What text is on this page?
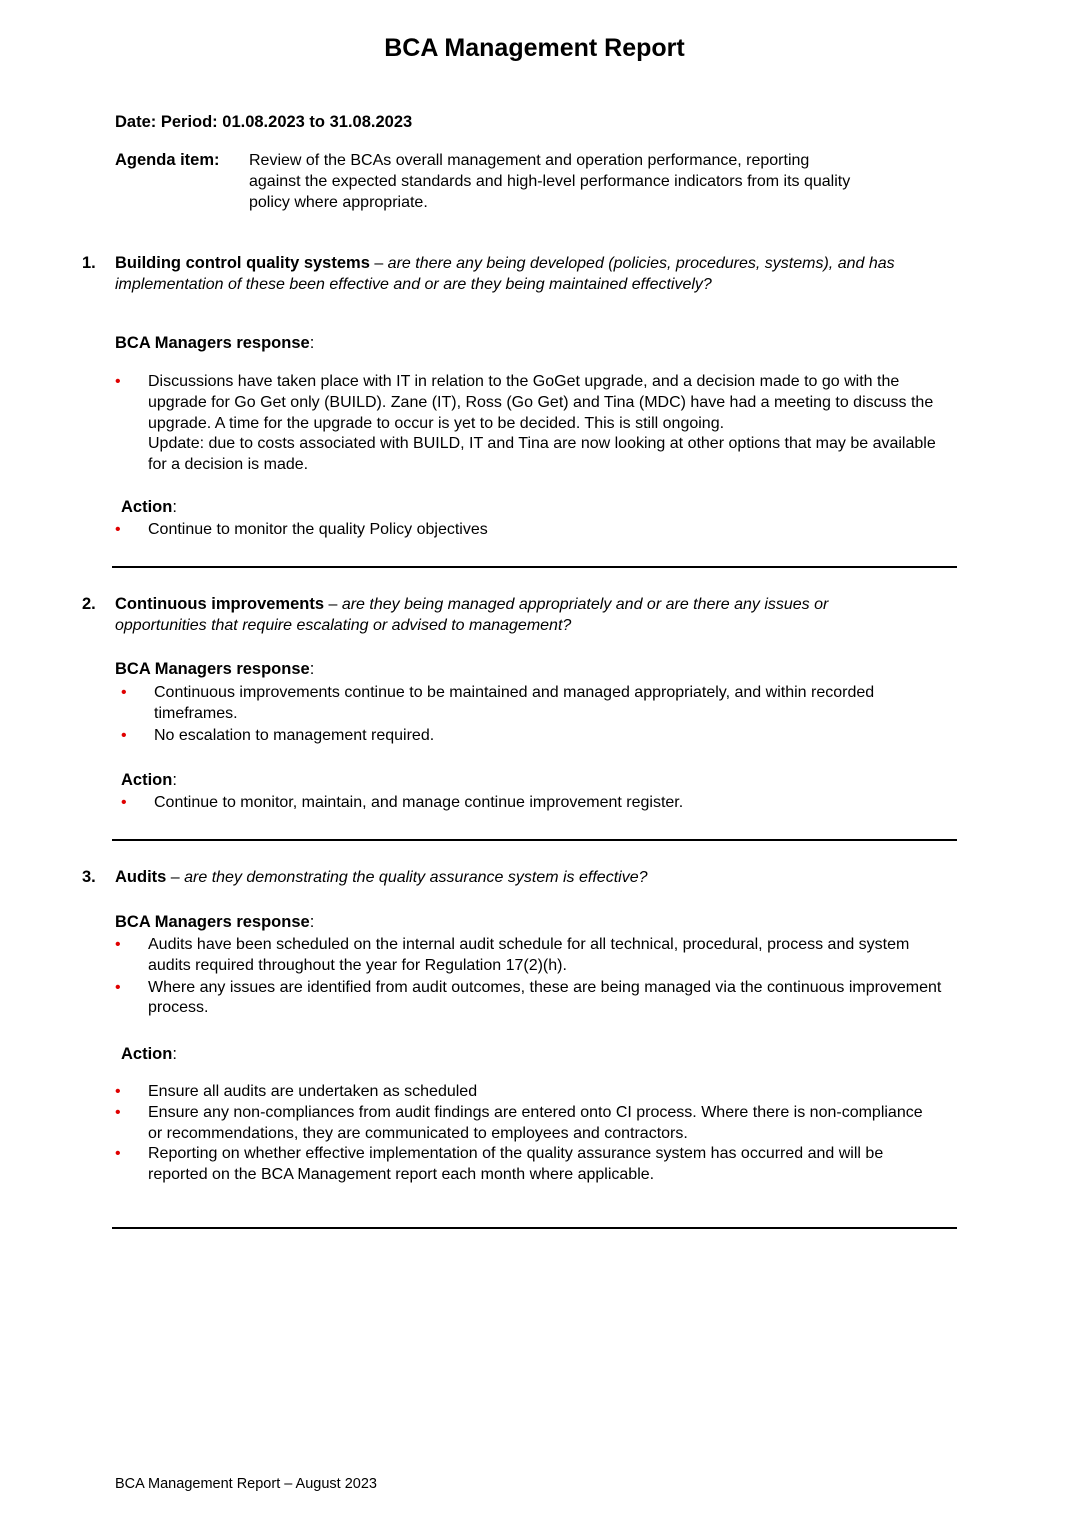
BCA Management Report
Date: Period: 01.08.2023 to 31.08.2023
Agenda item: Review of the BCAs overall management and operation performance, reporting against the expected standards and high-level performance indicators from its quality policy where appropriate.
1. Building control quality systems – are there any being developed (policies, procedures, systems), and has implementation of these been effective and or are they being maintained effectively?
BCA Managers response:
• Discussions have taken place with IT in relation to the GoGet upgrade, and a decision made to go with the upgrade for Go Get only (BUILD). Zane (IT), Ross (Go Get) and Tina (MDC) have had a meeting to discuss the upgrade. A time for the upgrade to occur is yet to be decided. This is still ongoing.
Update: due to costs associated with BUILD, IT and Tina are now looking at other options that may be available for a decision is made.
Action:
• Continue to monitor the quality Policy objectives
2. Continuous improvements – are they being managed appropriately and or are there any issues or opportunities that require escalating or advised to management?
BCA Managers response:
• Continuous improvements continue to be maintained and managed appropriately, and within recorded timeframes.
• No escalation to management required.
Action:
• Continue to monitor, maintain, and manage continue improvement register.
3. Audits – are they demonstrating the quality assurance system is effective?
BCA Managers response:
• Audits have been scheduled on the internal audit schedule for all technical, procedural, process and system audits required throughout the year for Regulation 17(2)(h).
• Where any issues are identified from audit outcomes, these are being managed via the continuous improvement process.
Action:
• Ensure all audits are undertaken as scheduled
• Ensure any non-compliances from audit findings are entered onto CI process. Where there is non-compliance or recommendations, they are communicated to employees and contractors.
• Reporting on whether effective implementation of the quality assurance system has occurred and will be reported on the BCA Management report each month where applicable.
BCA Management Report – August 2023
